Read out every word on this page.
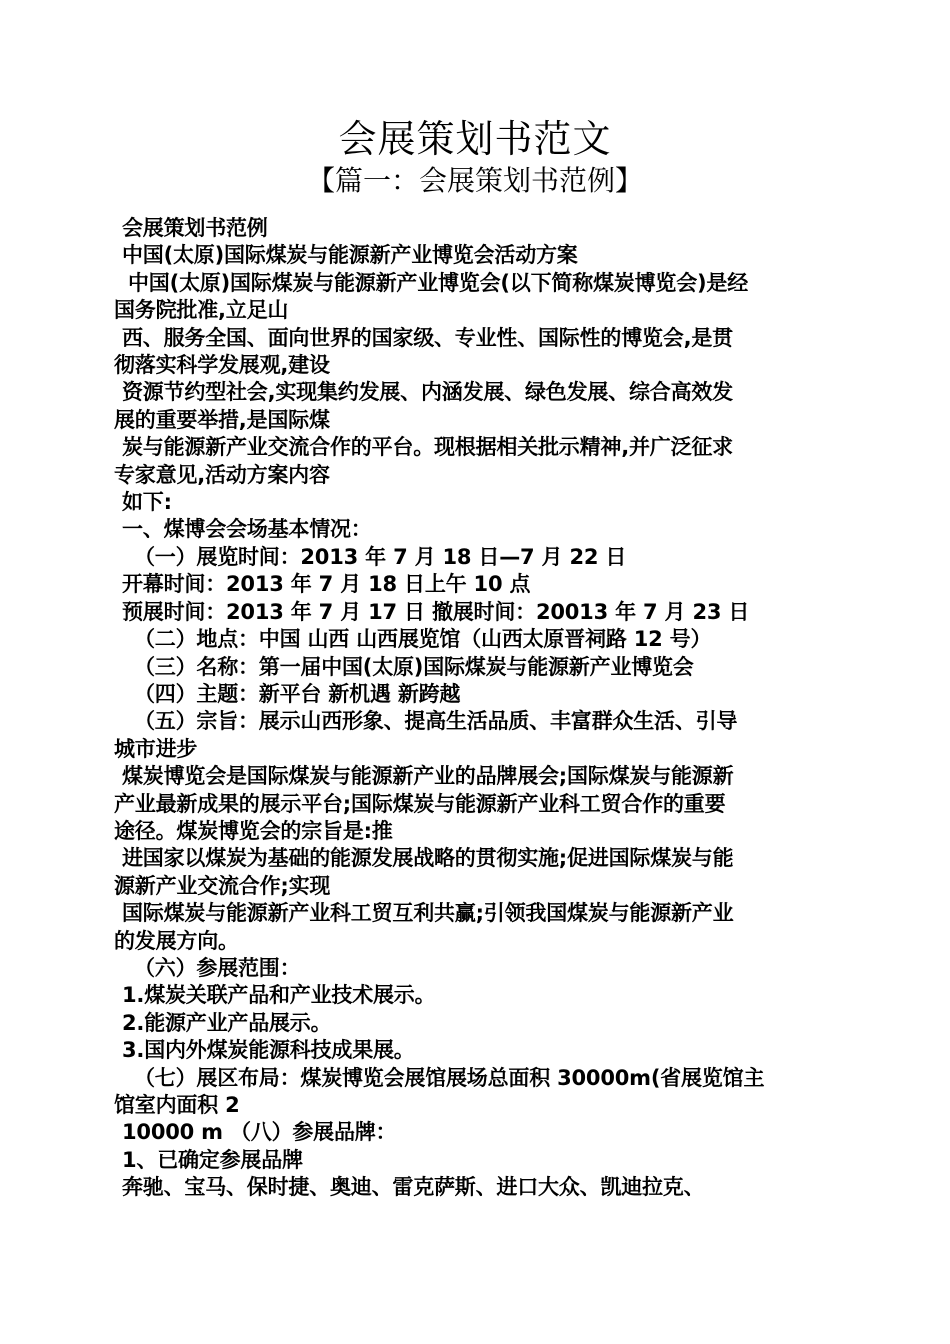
会展策划书范文
【篇一：会展策划书范例】
会展策划书范例
中国(太原)国际煤炭与能源新产业博览会活动方案
中国(太原)国际煤炭与能源新产业博览会(以下简称煤炭博览会)是经
国务院批准,立足山
西、服务全国、面向世界的国家级、专业性、国际性的博览会,是贯
彻落实科学发展观,建设
资源节约型社会,实现集约发展、内涵发展、绿色发展、综合高效发
展的重要举措,是国际煤
炭与能源新产业交流合作的平台。现根据相关批示精神,并广泛征求
专家意见,活动方案内容
如下:
一、煤博会会场基本情况：
（一）展览时间：2013 年 7 月 18 日—7 月 22 日
开幕时间：2013 年 7 月 18 日上午 10 点
预展时间：2013 年 7 月 17 日 撤展时间：20013 年 7 月 23 日
（二）地点：中国 山西 山西展览馆（山西太原晋祠路 12 号）
（三）名称：第一届中国(太原)国际煤炭与能源新产业博览会
（四）主题：新平台 新机遇 新跨越
（五）宗旨：展示山西形象、提高生活品质、丰富群众生活、引导
城市进步
煤炭博览会是国际煤炭与能源新产业的品牌展会;国际煤炭与能源新
产业最新成果的展示平台;国际煤炭与能源新产业科工贸合作的重要
途径。煤炭博览会的宗旨是:推
进国家以煤炭为基础的能源发展战略的贯彻实施;促进国际煤炭与能
源新产业交流合作;实现
国际煤炭与能源新产业科工贸互利共赢;引领我国煤炭与能源新产业
的发展方向。
（六）参展范围：
1.煤炭关联产品和产业技术展示。
2.能源产业产品展示。
3.国内外煤炭能源科技成果展。
（七）展区布局：煤炭博览会展馆展场总面积 30000m(省展览馆主
馆室内面积 2
10000 m （八）参展品牌：
1、已确定参展品牌
奔驰、宝马、保时捷、奥迪、雷克萨斯、进口大众、凯迪拉克、
